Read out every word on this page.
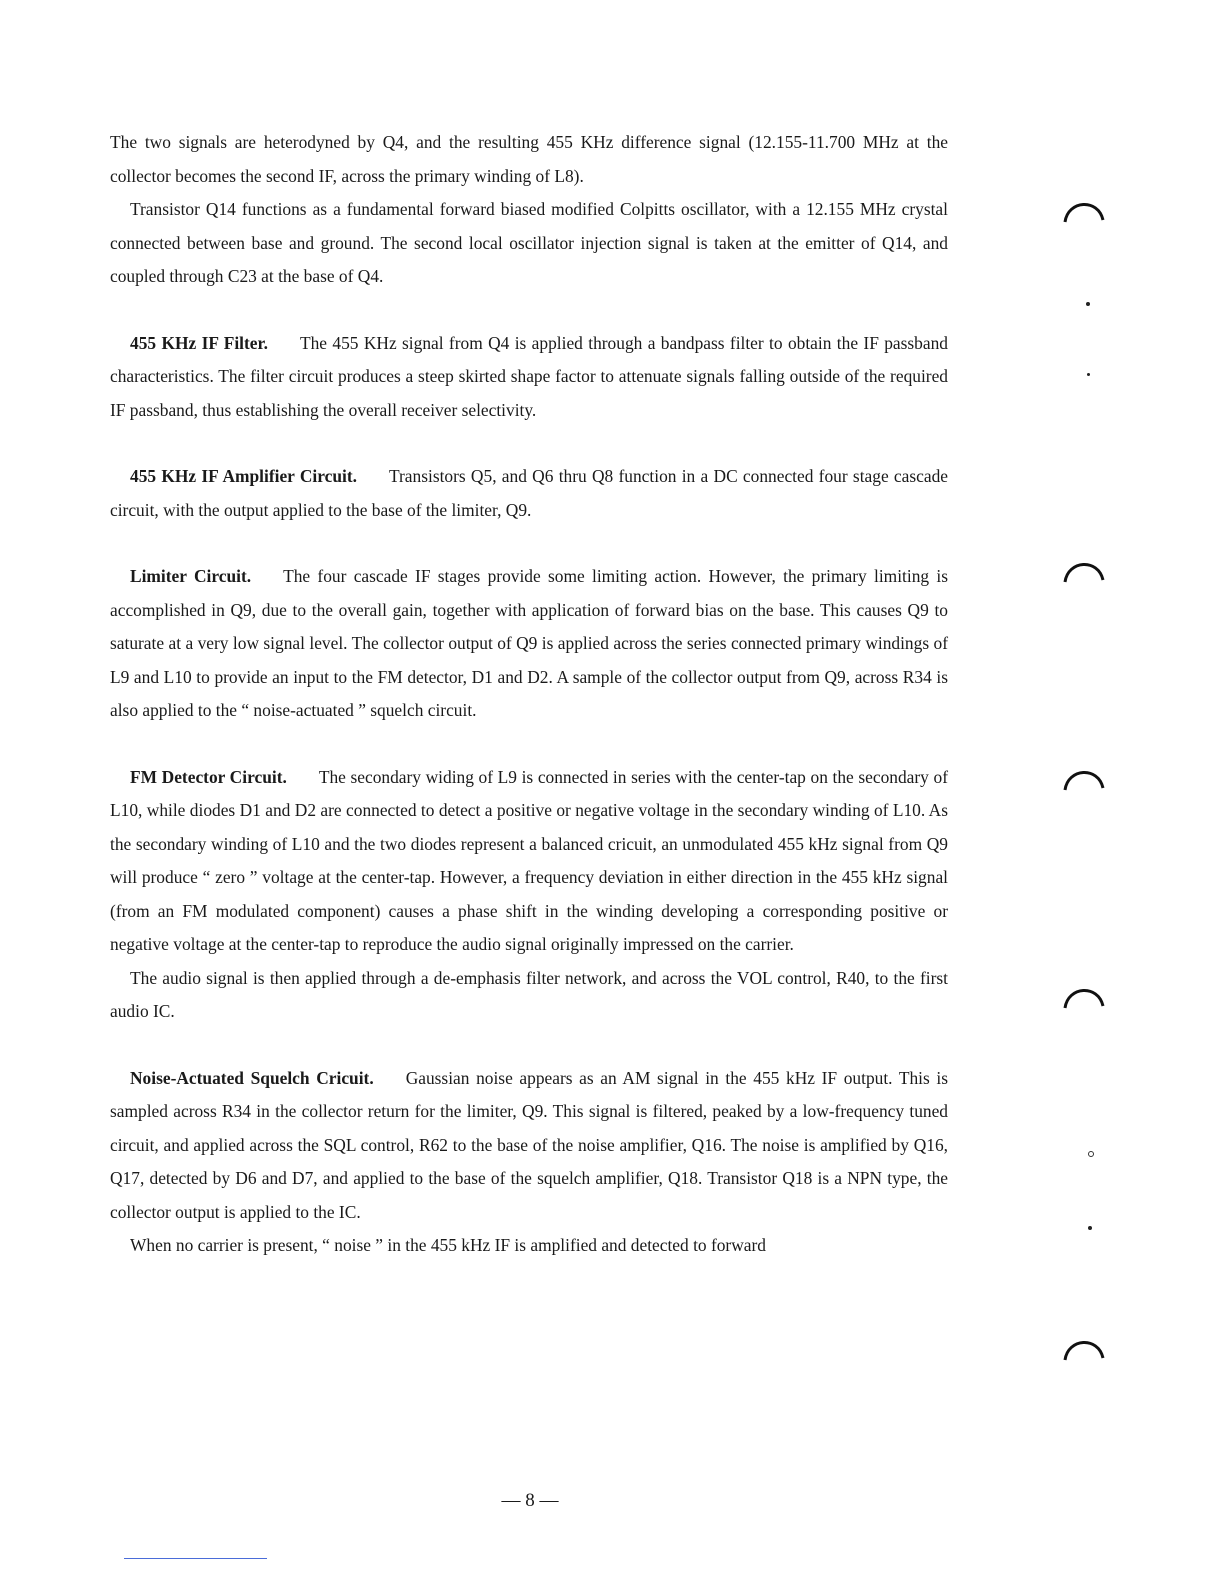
The two signals are heterodyned by Q4, and the resulting 455 KHz difference signal (12.155-11.700 MHz at the collector becomes the second IF, across the primary winding of L8).

Transistor Q14 functions as a fundamental forward biased modified Colpitts oscillator, with a 12.155 MHz crystal connected between base and ground. The second local oscillator injection signal is taken at the emitter of Q14, and coupled through C23 at the base of Q4.

455 KHz IF Filter. The 455 KHz signal from Q4 is applied through a bandpass filter to obtain the IF passband characteristics. The filter circuit produces a steep skirted shape factor to attenuate signals falling outside of the required IF passband, thus establishing the overall receiver selectivity.

455 KHz IF Amplifier Circuit. Transistors Q5, and Q6 thru Q8 function in a DC connected four stage cascade circuit, with the output applied to the base of the limiter, Q9.

Limiter Circuit. The four cascade IF stages provide some limiting action. However, the primary limiting is accomplished in Q9, due to the overall gain, together with application of forward bias on the base. This causes Q9 to saturate at a very low signal level. The collector output of Q9 is applied across the series connected primary windings of L9 and L10 to provide an input to the FM detector, D1 and D2. A sample of the collector output from Q9, across R34 is also applied to the “ noise-actuated ” squelch circuit.

FM Detector Circuit. The secondary widing of L9 is connected in series with the center-tap on the secondary of L10, while diodes D1 and D2 are connected to detect a positive or negative voltage in the secondary winding of L10. As the secondary winding of L10 and the two diodes represent a balanced cricuit, an unmodulated 455 kHz signal from Q9 will produce “ zero ” voltage at the center-tap. However, a frequency deviation in either direction in the 455 kHz signal (from an FM modulated component) causes a phase shift in the winding developing a corresponding positive or negative voltage at the center-tap to reproduce the audio signal originally impressed on the carrier.

The audio signal is then applied through a de-emphasis filter network, and across the VOL control, R40, to the first audio IC.

Noise-Actuated Squelch Cricuit. Gaussian noise appears as an AM signal in the 455 kHz IF output. This is sampled across R34 in the collector return for the limiter, Q9. This signal is filtered, peaked by a low-frequency tuned circuit, and applied across the SQL control, R62 to the base of the noise amplifier, Q16. The noise is amplified by Q16, Q17, detected by D6 and D7, and applied to the base of the squelch amplifier, Q18. Transistor Q18 is a NPN type, the collector output is applied to the IC.

When no carrier is present, “ noise ” in the 455 kHz IF is amplified and detected to forward

— 8 —
